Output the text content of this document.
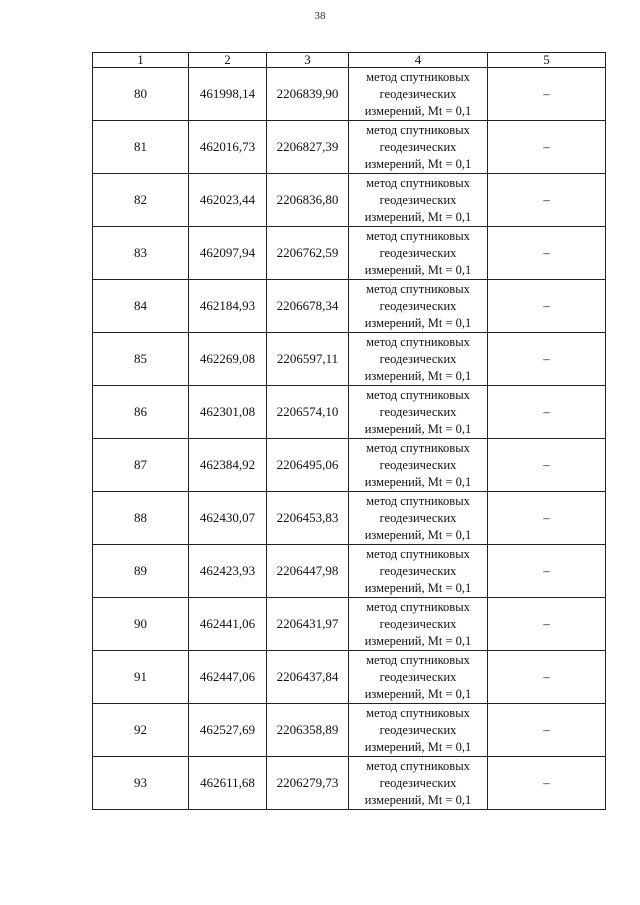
38
1	2	3	4	5
80	461998,14	2206839,90	метод спутниковых
геодезических
измерений, Mt = 0,1	–
81	462016,73	2206827,39	метод спутниковых
геодезических
измерений, Mt = 0,1	–
82	462023,44	2206836,80	метод спутниковых
геодезических
измерений, Mt = 0,1	–
83	462097,94	2206762,59	метод спутниковых
геодезических
измерений, Mt = 0,1	–
84	462184,93	2206678,34	метод спутниковых
геодезических
измерений, Mt = 0,1	–
85	462269,08	2206597,11	метод спутниковых
геодезических
измерений, Mt = 0,1	–
86	462301,08	2206574,10	метод спутниковых
геодезических
измерений, Mt = 0,1	–
87	462384,92	2206495,06	метод спутниковых
геодезических
измерений, Mt = 0,1	–
88	462430,07	2206453,83	метод спутниковых
геодезических
измерений, Mt = 0,1	–
89	462423,93	2206447,98	метод спутниковых
геодезических
измерений, Mt = 0,1	–
90	462441,06	2206431,97	метод спутниковых
геодезических
измерений, Mt = 0,1	–
91	462447,06	2206437,84	метод спутниковых
геодезических
измерений, Mt = 0,1	–
92	462527,69	2206358,89	метод спутниковых
геодезических
измерений, Mt = 0,1	–
93	462611,68	2206279,73	метод спутниковых
геодезических
измерений, Mt = 0,1	–
